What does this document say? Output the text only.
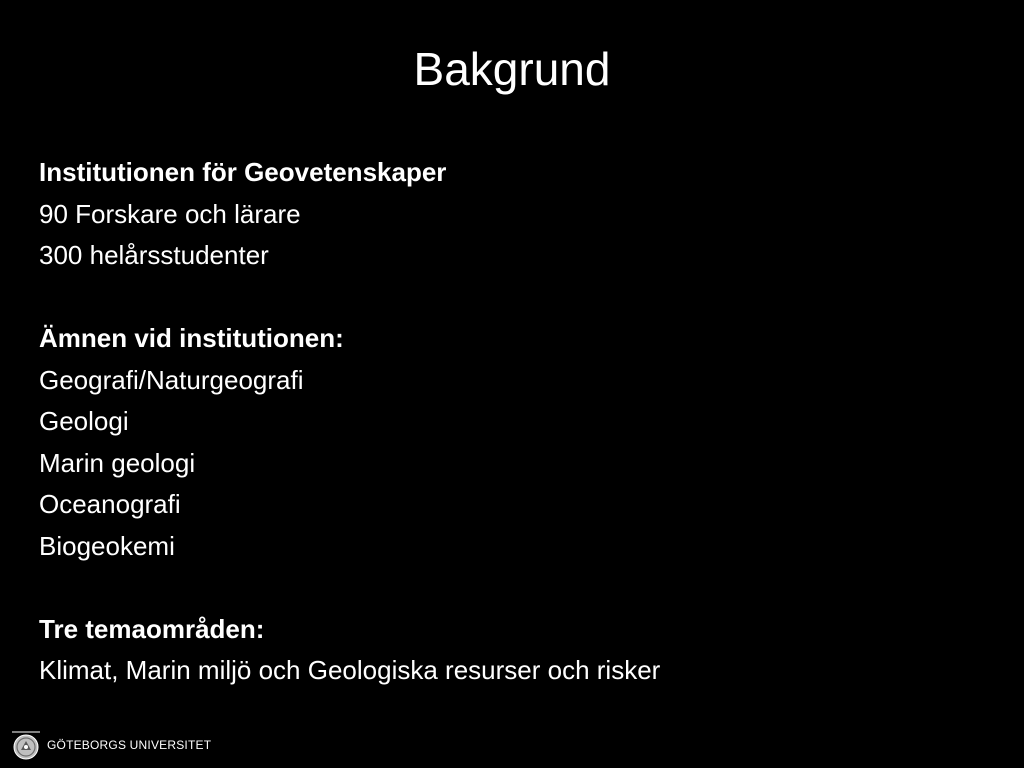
Bakgrund
Institutionen för Geovetenskaper
90 Forskare och lärare
300 helårsstudenter
Ämnen vid institutionen:
Geografi/Naturgeografi
Geologi
Marin geologi
Oceanografi
Biogeokemi
Tre temaområden:
Klimat, Marin miljö och Geologiska resurser och risker
GÖTEBORGS UNIVERSITET
